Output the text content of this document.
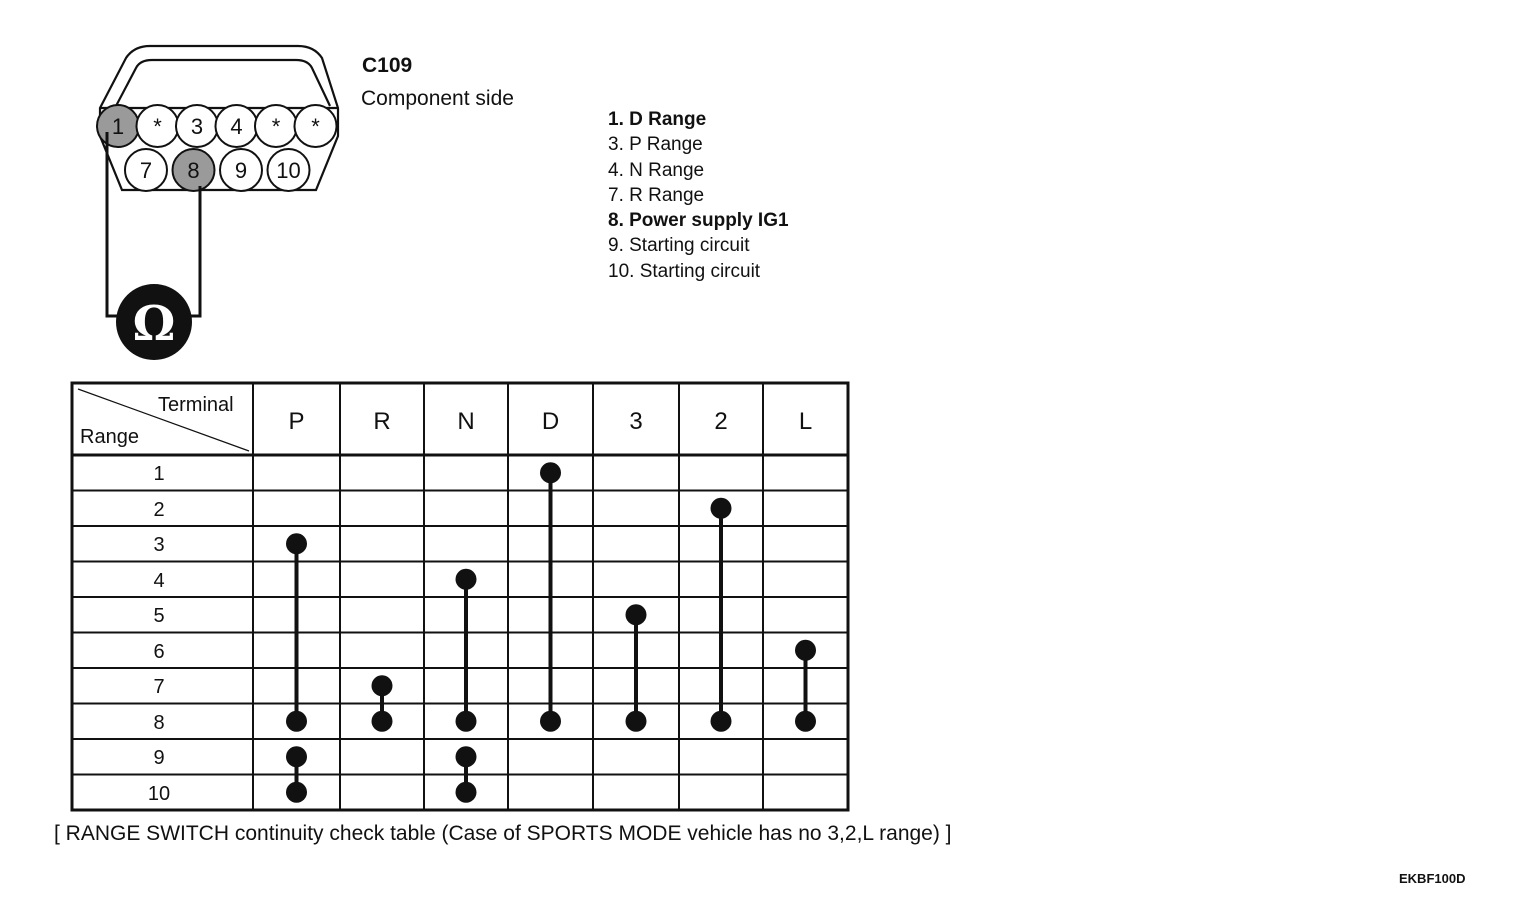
1 * 3 4 * *
7 8 9 10
Ω
C109
Component side
1. D Range
3. P Range
4. N Range
7. R Range
8. Power supply IG1
9. Starting circuit
10. Starting circuit
Terminal
Range
P	R	N	D	3	2	L
1
2
3
4
5
6
7
8
9
10
[ RANGE SWITCH continuity check table (Case of SPORTS MODE vehicle has no 3,2,L range) ]
EKBF100D
